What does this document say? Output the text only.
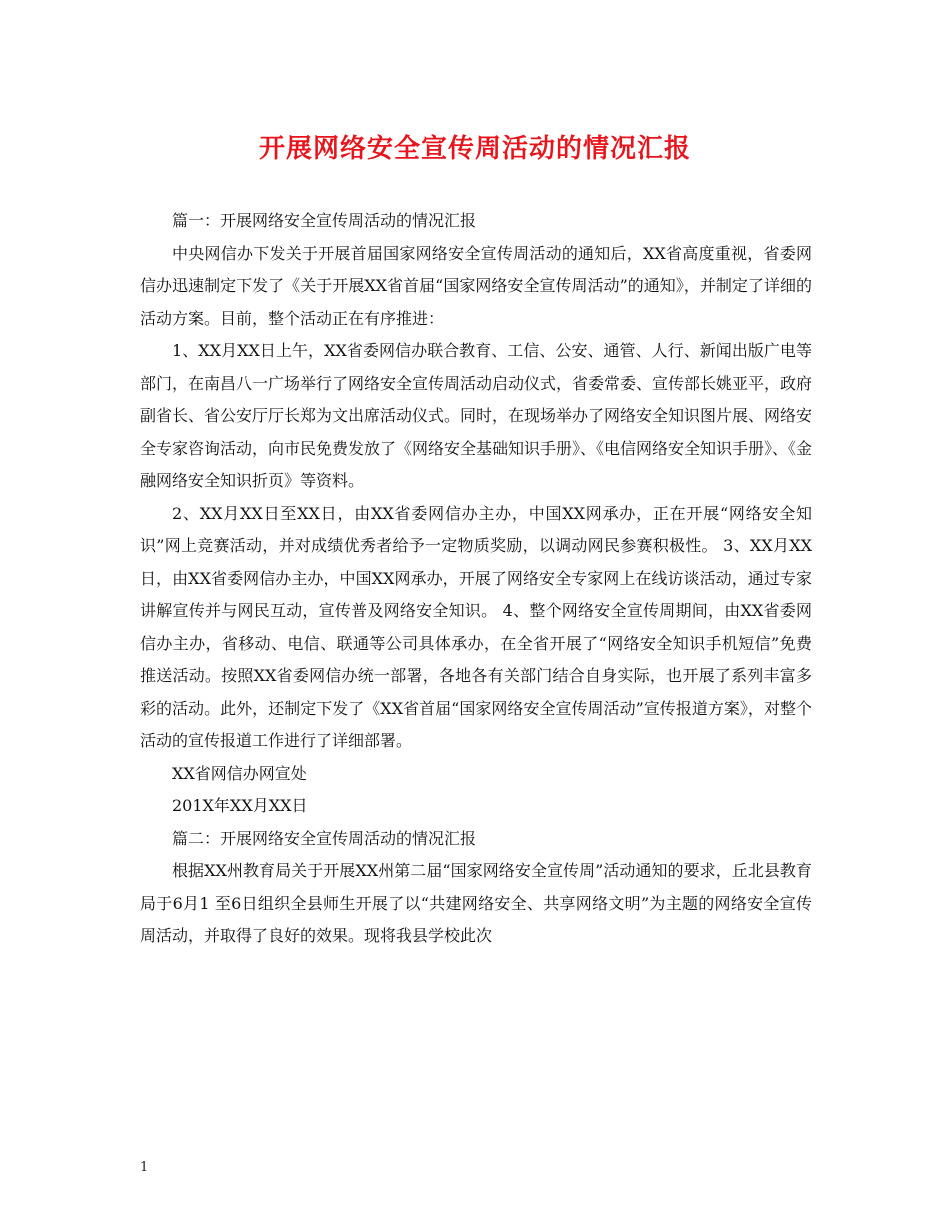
开展网络安全宣传周活动的情况汇报

篇一：开展网络安全宣传周活动的情况汇报

中央网信办下发关于开展首届国家网络安全宣传周活动的通知后，XX省高度重视，省委网信办迅速制定下发了《关于开展XX省首届“国家网络安全宣传周活动”的通知》，并制定了详细的活动方案。目前，整个活动正在有序推进：

1、XX月XX日上午，XX省委网信办联合教育、工信、公安、通管、人行、新闻出版广电等部门，在南昌八一广场举行了网络安全宣传周活动启动仪式，省委常委、宣传部长姚亚平，政府副省长、省公安厅厅长郑为文出席活动仪式。同时，在现场举办了网络安全知识图片展、网络安全专家咨询活动，向市民免费发放了《网络安全基础知识手册》、《电信网络安全知识手册》、《金融网络安全知识折页》等资料。

2、XX月XX日至XX日，由XX省委网信办主办，中国XX网承办，正在开展“网络安全知识”网上竞赛活动，并对成绩优秀者给予一定物质奖励，以调动网民参赛积极性。 3、XX月XX日，由XX省委网信办主办，中国XX网承办，开展了网络安全专家网上在线访谈活动，通过专家讲解宣传并与网民互动，宣传普及网络安全知识。 4、整个网络安全宣传周期间，由XX省委网信办主办，省移动、电信、联通等公司具体承办，在全省开展了“网络安全知识手机短信”免费推送活动。按照XX省委网信办统一部署，各地各有关部门结合自身实际，也开展了系列丰富多彩的活动。此外，还制定下发了《XX省首届“国家网络安全宣传周活动”宣传报道方案》，对整个活动的宣传报道工作进行了详细部署。

XX省网信办网宣处

201X年XX月XX日

篇二：开展网络安全宣传周活动的情况汇报

根据XX州教育局关于开展XX州第二届“国家网络安全宣传周”活动通知的要求，丘北县教育局于6月1 至6日组织全县师生开展了以“共建网络安全、共享网络文明”为主题的网络安全宣传周活动，并取得了良好的效果。现将我县学校此次

1
